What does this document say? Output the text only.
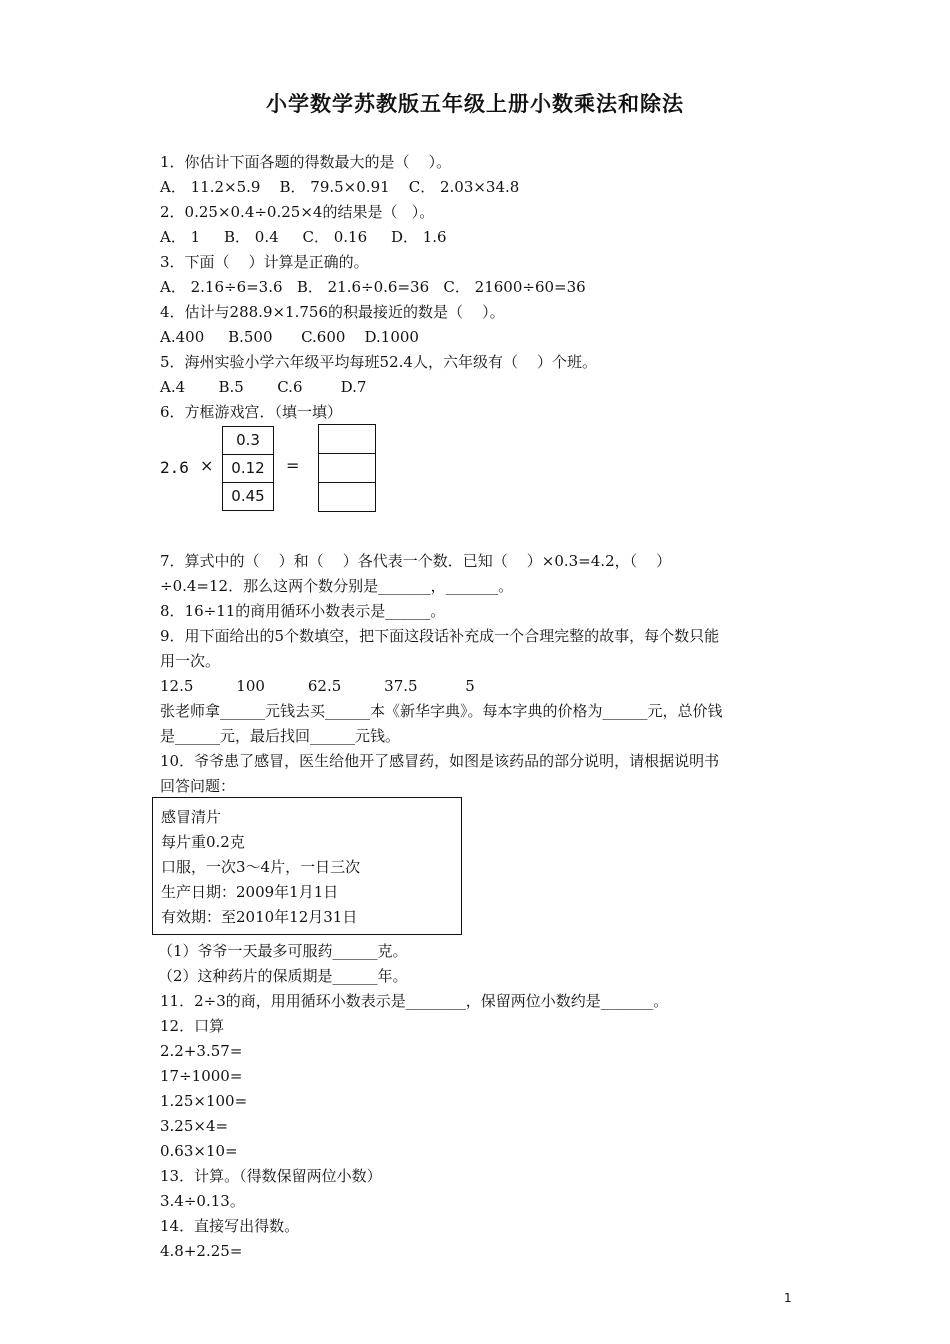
小学数学苏教版五年级上册小数乘法和除法
1．你估计下面各题的得数最大的是（    ）。
A． 11.2×5.9    B． 79.5×0.91    C． 2.03×34.8
2．0.25×0.4÷0.25×4的结果是（   ）。
A． 1     B． 0.4     C． 0.16     D． 1.6
3．下面（    ）计算是正确的。
A． 2.16÷6=3.6   B． 21.6÷0.6=36   C． 21600÷60=36
4．估计与288.9×1.756的积最接近的数是（    ）。
A.400     B.500      C.600    D.1000
5．海州实验小学六年级平均每班52.4人，六年级有（    ）个班。
A.4       B.5       C.6        D.7
6．方框游戏宫．（填一填）
2.6 ×
0.3
0.12
0.45
=
7．算式中的（    ）和（    ）各代表一个数．已知（    ）×0.3=4.2，（    ）
÷0.4=12．那么这两个数分别是_______，_______。
8．16÷11的商用循环小数表示是______。
9．用下面给出的5个数填空，把下面这段话补充成一个合理完整的故事，每个数只能
用一次。
12.5         100         62.5         37.5          5
张老师拿______元钱去买______本《新华字典》。每本字典的价格为______元，总价钱
是______元，最后找回______元钱。
10．爷爷患了感冒，医生给他开了感冒药，如图是该药品的部分说明，请根据说明书
回答问题：
感冒清片
每片重0.2克
口服，一次3～4片，一日三次
生产日期：2009年1月1日
有效期：至2010年12月31日
（1）爷爷一天最多可服药______克。
（2）这种药片的保质期是______年。
11．2÷3的商，用用循环小数表示是________，保留两位小数约是_______。
12．口算
2.2+3.57=
17÷1000=
1.25×100=
3.25×4=
0.63×10=
13．计算。（得数保留两位小数）
3.4÷0.13。
14．直接写出得数。
4.8+2.25=
1
